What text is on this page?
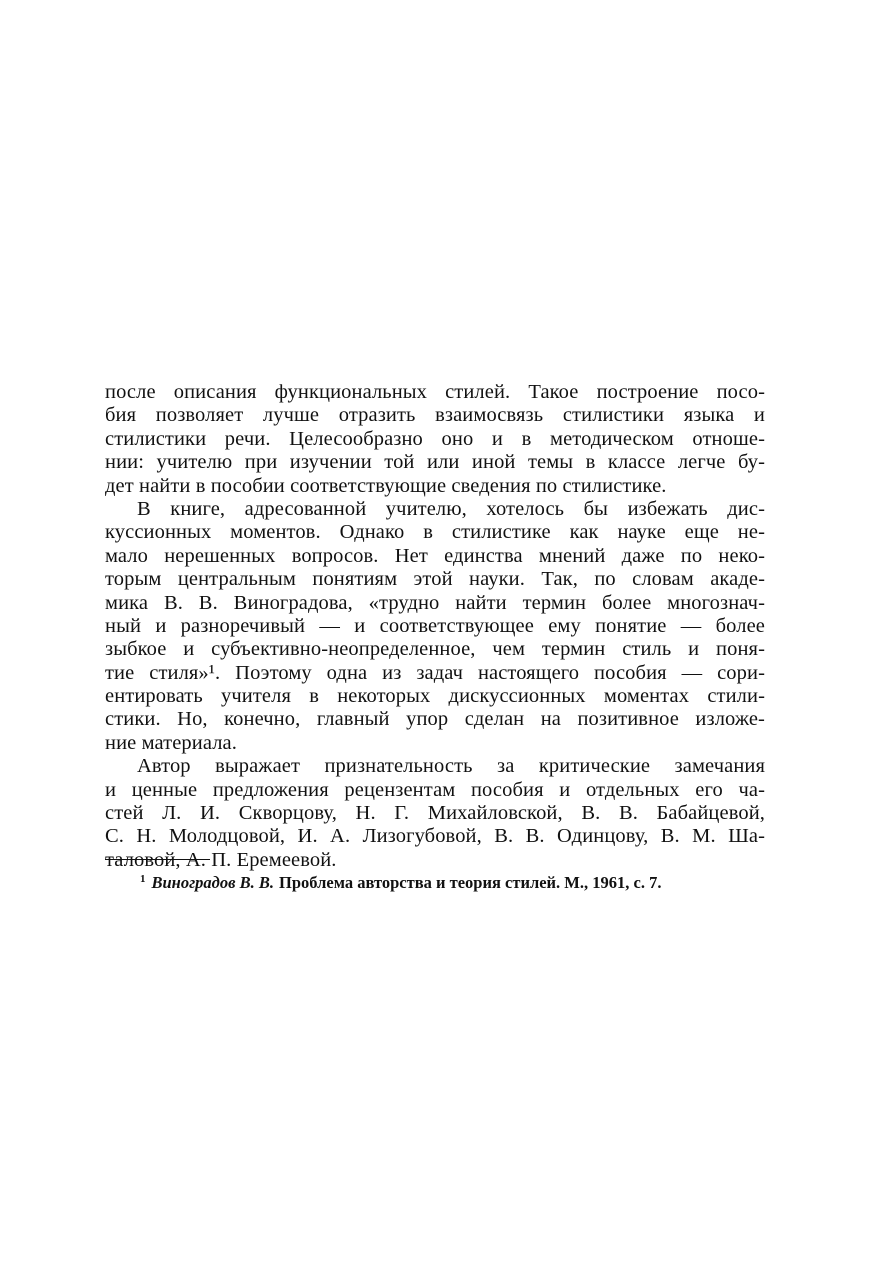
после описания функциональных стилей. Такое построение посо-
бия позволяет лучше отразить взаимосвязь стилистики языка и
стилистики речи. Целесообразно оно и в методическом отноше-
нии: учителю при изучении той или иной темы в классе легче бу-
дет найти в пособии соответствующие сведения по стилистике.
В книге, адресованной учителю, хотелось бы избежать дис-
куссионных моментов. Однако в стилистике как науке еще не-
мало нерешенных вопросов. Нет единства мнений даже по неко-
торым центральным понятиям этой науки. Так, по словам акаде-
мика В. В. Виноградова, «трудно найти термин более многознач-
ный и разноречивый — и соответствующее ему понятие — более
зыбкое и субъективно-неопределенное, чем термин стиль и поня-
тие стиля»¹. Поэтому одна из задач настоящего пособия — сори-
ентировать учителя в некоторых дискуссионных моментах стили-
стики. Но, конечно, главный упор сделан на позитивное изложе-
ние материала.
Автор выражает признательность за критические замечания
и ценные предложения рецензентам пособия и отдельных его ча-
стей Л. И. Скворцову, Н. Г. Михайловской, В. В. Бабайцевой,
С. Н. Молодцовой, И. А. Лизогубовой, В. В. Одинцову, В. М. Ша-
таловой, А. П. Еремеевой.
$^1$ Виноградов В. В. Проблема авторства и теория стилей. М., 1961, с. 7.
